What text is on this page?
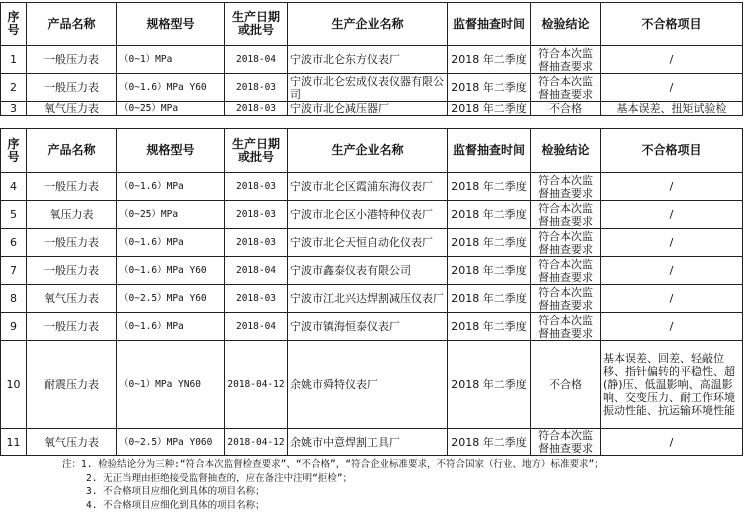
序号	产品名称	规格型号	生产日期或批号	生产企业名称	监督抽查时间	检验结论	不合格项目
1	一般压力表	（0~1）MPa	2018-04	宁波市北仑东方仪表厂	2018 年二季度	符合本次监督抽查要求	/
2	一般压力表	（0~1.6）MPa Y60	2018-03	宁波市北仑宏成仪表仪器有限公司	2018 年二季度	符合本次监督抽查要求	/
3	氧气压力表	（0~25）MPa	2018-03	宁波市北仑减压器厂	2018 年二季度	不合格	基本误差、扭矩试验检
序号	产品名称	规格型号	生产日期或批号	生产企业名称	监督抽查时间	检验结论	不合格项目
4	一般压力表	（0~1.6）MPa	2018-03	宁波市北仑区霞浦东海仪表厂	2018 年二季度	符合本次监督抽查要求	/
5	氧压力表	（0~25）MPa	2018-03	宁波市北仑区小港特种仪表厂	2018 年二季度	符合本次监督抽查要求	/
6	一般压力表	（0~1.6）MPa	2018-03	宁波市北仑天恒自动化仪表厂	2018 年二季度	符合本次监督抽查要求	/
7	一般压力表	（0~1.6）MPa Y60	2018-04	宁波市鑫泰仪表有限公司	2018 年二季度	符合本次监督抽查要求	/
8	氧气压力表	（0~2.5）MPa Y60	2018-03	宁波市江北兴达焊割减压仪表厂	2018 年二季度	符合本次监督抽查要求	/
9	一般压力表	（0~1.6）MPa	2018-04	宁波市镇海恒泰仪表厂	2018 年二季度	符合本次监督抽查要求	/
10	耐震压力表	（0~1）MPa YN60	2018-04-12	余姚市舜特仪表厂	2018 年二季度	不合格	基本误差、回差、轻敲位移、指针偏转的平稳性、超(静)压、低温影响、高温影响、交变压力、耐工作环境振动性能、抗运输环境性能
11	氧气压力表	（0~2.5）MPa Y060	2018-04-12	余姚市中意焊割工具厂	2018 年二季度	符合本次监督抽查要求	/
注：1. 检验结论分为三种:“符合本次监督检查要求”、“不合格”，“符合企业标准要求，不符合国家（行业、地方）标准要求”；
2. 无正当理由拒绝接受监督抽查的，应在备注中注明“拒检”；
3. 不合格项目应细化到具体的项目名称；
4. 不合格项目应细化到具体的项目名称；
